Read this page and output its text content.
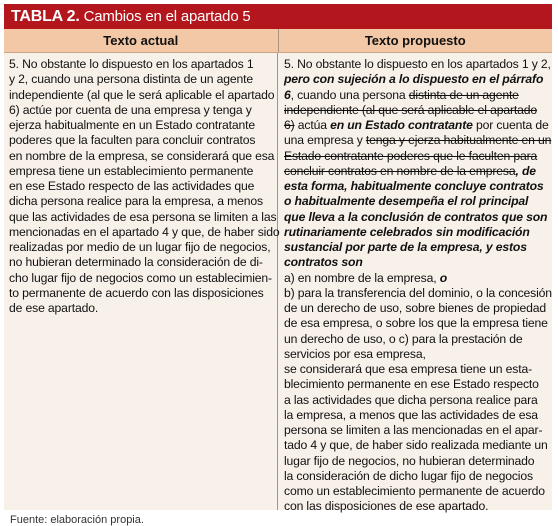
TABLA 2. Cambios en el apartado 5
Texto actual	Texto propuesto
5. No obstante lo dispuesto en los apartados 1
y 2, cuando una persona distinta de un agente
independiente (al que le será aplicable el apartado
6) actúe por cuenta de una empresa y tenga y
ejerza habitualmente en un Estado contratante
poderes que la faculten para concluir contratos
en nombre de la empresa, se considerará que esa
empresa tiene un establecimiento permanente
en ese Estado respecto de las actividades que
dicha persona realice para la empresa, a menos
que las actividades de esa persona se limiten a las
mencionadas en el apartado 4 y que, de haber sido
realizadas por medio de un lugar fijo de negocios,
no hubieran determinado la consideración de di-
cho lugar fijo de negocios como un establecimien-
to permanente de acuerdo con las disposiciones
de ese apartado.
5. No obstante lo dispuesto en los apartados 1 y 2,
pero con sujeción a lo dispuesto en el párrafo
6, cuando una persona distinta de un agente
independiente (al que será aplicable el apartado
6) actúa en un Estado contratante por cuenta de
una empresa y tenga y ejerza habitualmente en un
Estado contratante poderes que le faculten para
concluir contratos en nombre de la empresa, de
esta forma, habitualmente concluye contratos
o habitualmente desempeña el rol principal
que lleva a la conclusión de contratos que son
rutinariamente celebrados sin modificación
sustancial por parte de la empresa, y estos
contratos son
a) en nombre de la empresa, o
b) para la transferencia del dominio, o la concesión
de un derecho de uso, sobre bienes de propiedad
de esa empresa, o sobre los que la empresa tiene
un derecho de uso, o c) para la prestación de
servicios por esa empresa,
se considerará que esa empresa tiene un esta-
blecimiento permanente en ese Estado respecto
a las actividades que dicha persona realice para
la empresa, a menos que las actividades de esa
persona se limiten a las mencionadas en el apar-
tado 4 y que, de haber sido realizada mediante un
lugar fijo de negocios, no hubieran determinado
la consideración de dicho lugar fijo de negocios
como un establecimiento permanente de acuerdo
con las disposiciones de ese apartado.
Fuente: elaboración propia.
